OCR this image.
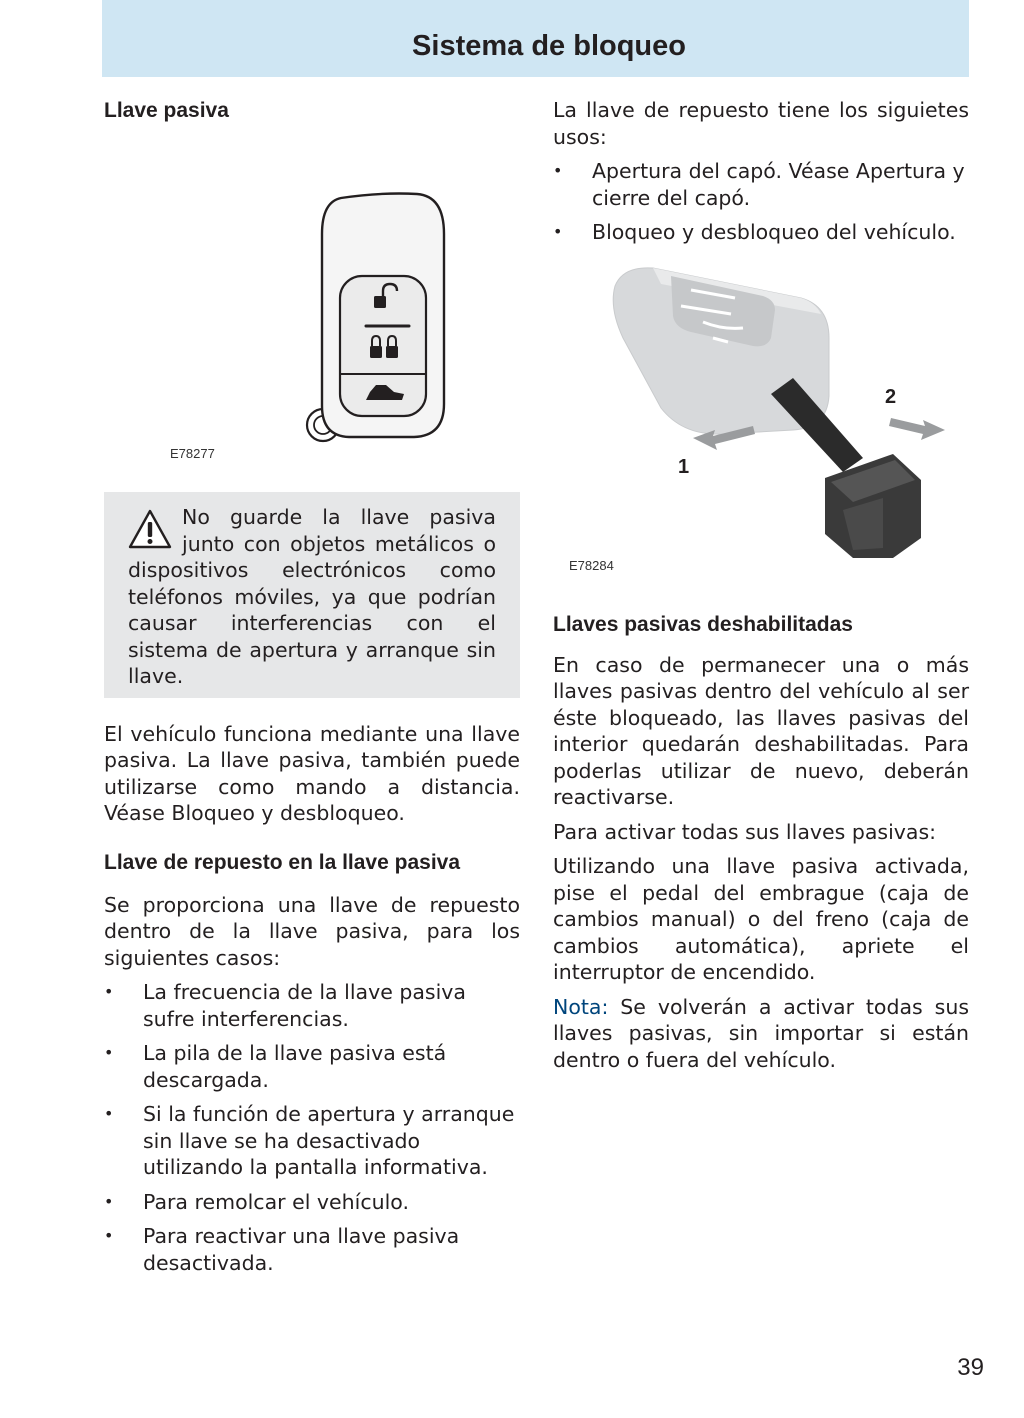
Sistema de bloqueo
Llave pasiva
E78277
No guarde la llave pasiva junto con objetos metálicos o dispositivos electrónicos como teléfonos móviles, ya que podrían causar interferencias con el sistema de apertura y arranque sin llave.

El vehículo funciona mediante una llave pasiva. La llave pasiva, también puede utilizarse como mando a distancia. Véase Bloqueo y desbloqueo.

Llave de repuesto en la llave pasiva

Se proporciona una llave de repuesto dentro de la llave pasiva, para los siguientes casos:

• La frecuencia de la llave pasiva sufre interferencias.
• La pila de la llave pasiva está descargada.
• Si la función de apertura y arranque sin llave se ha desactivado utilizando la pantalla informativa.
• Para remolcar el vehículo.
• Para reactivar una llave pasiva desactivada.

La llave de repuesto tiene los siguietes usos:

• Apertura del capó. Véase Apertura y cierre del capó.
• Bloqueo y desbloqueo del vehículo.
1
2
E78284
Llaves pasivas deshabilitadas

En caso de permanecer una o más llaves pasivas dentro del vehículo al ser éste bloqueado, las llaves pasivas del interior quedarán deshabilitadas. Para poderlas utilizar de nuevo, deberán reactivarse.

Para activar todas sus llaves pasivas:

Utilizando una llave pasiva activada, pise el pedal del embrague (caja de cambios manual) o del freno (caja de cambios automática), apriete el interruptor de encendido.

Nota: Se volverán a activar todas sus llaves pasivas, sin importar si están dentro o fuera del vehículo.

39
